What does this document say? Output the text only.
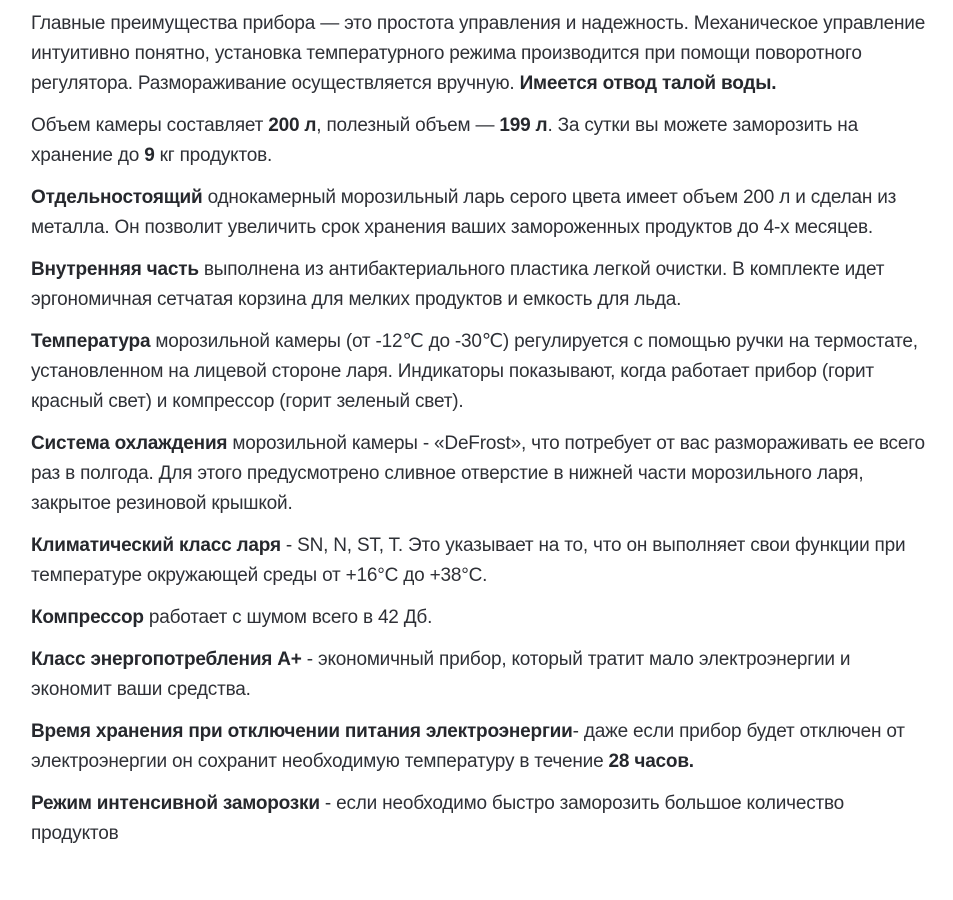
Главные преимущества прибора — это простота управления и надежность. Механическое управление интуитивно понятно, установка температурного режима производится при помощи поворотного регулятора. Размораживание осуществляется вручную. Имеется отвод талой воды.

Объем камеры составляет 200 л, полезный объем — 199 л. За сутки вы можете заморозить на хранение до 9 кг продуктов.

Отдельностоящий однокамерный морозильный ларь серого цвета имеет объем 200 л и сделан из металла. Он позволит увеличить срок хранения ваших замороженных продуктов до 4-х месяцев.

Внутренняя часть выполнена из антибактериального пластика легкой очистки. В комплекте идет эргономичная сетчатая корзина для мелких продуктов и емкость для льда.

Температура морозильной камеры (от -12℃ до -30℃) регулируется с помощью ручки на термостате, установленном на лицевой стороне ларя. Индикаторы показывают, когда работает прибор (горит красный свет) и компрессор (горит зеленый свет).

Система охлаждения морозильной камеры - «DeFrost», что потребует от вас размораживать ее всего раз в полгода. Для этого предусмотрено сливное отверстие в нижней части морозильного ларя, закрытое резиновой крышкой.

Климатический класс ларя - SN, N, ST, T. Это указывает на то, что он выполняет свои функции при температуре окружающей среды от +16°С до +38°С.

Компрессор работает с шумом всего в 42 Дб.

Класс энергопотребления А+ - экономичный прибор, который тратит мало электроэнергии и экономит ваши средства.

Время хранения при отключении питания электроэнергии- даже если прибор будет отключен от электроэнергии он сохранит необходимую температуру в течение 28 часов.

Режим интенсивной заморозки - если необходимо быстро заморозить большое количество продуктов
